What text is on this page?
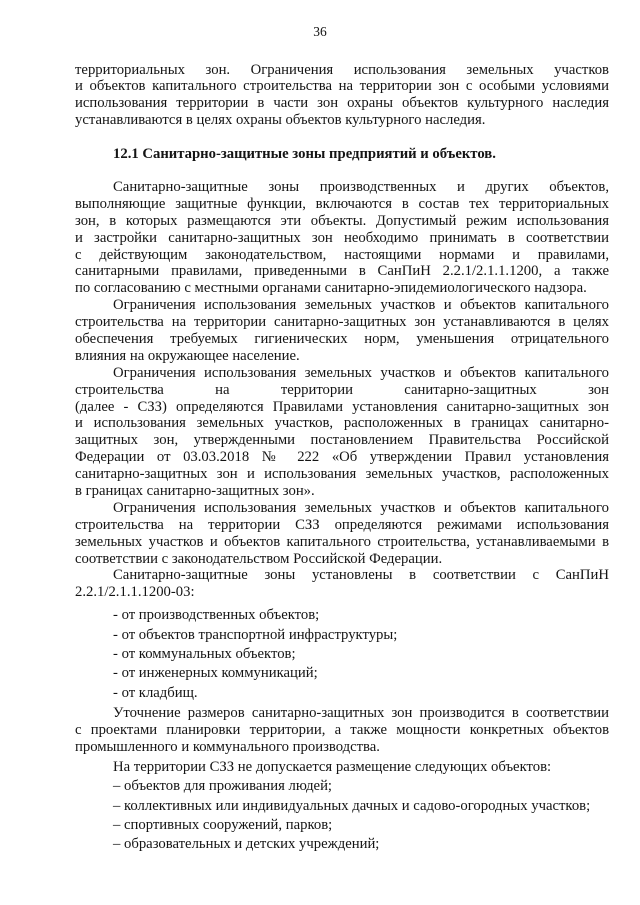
36
территориальных зон. Ограничения использования земельных участков
и объектов капитального строительства на территории зон с особыми условиями
использования территории в части зон охраны объектов культурного наследия
устанавливаются в целях охраны объектов культурного наследия.
12.1 Санитарно-защитные зоны предприятий и объектов.
Санитарно-защитные зоны производственных и других объектов,
выполняющие защитные функции, включаются в состав тех территориальных
зон, в которых размещаются эти объекты. Допустимый режим использования
и застройки санитарно-защитных зон необходимо принимать в соответствии
с действующим законодательством, настоящими нормами и правилами,
санитарными правилами, приведенными в СанПиН 2.2.1/2.1.1.1200, а также
по согласованию с местными органами санитарно-эпидемиологического надзора.
Ограничения использования земельных участков и объектов капитального
строительства на территории санитарно-защитных зон устанавливаются в целях
обеспечения требуемых гигиенических норм, уменьшения отрицательного
влияния на окружающее население.
Ограничения использования земельных участков и объектов капитального
строительства на территории санитарно-защитных зон
(далее - СЗЗ) определяются Правилами установления санитарно-защитных зон
и использования земельных участков, расположенных в границах санитарно-
защитных зон, утвержденными постановлением Правительства Российской
Федерации от 03.03.2018 № 222 «Об утверждении Правил установления
санитарно-защитных зон и использования земельных участков, расположенных
в границах санитарно-защитных зон».
Ограничения использования земельных участков и объектов капитального
строительства на территории СЗЗ определяются режимами использования
земельных участков и объектов капитального строительства, устанавливаемыми в
соответствии с законодательством Российской Федерации.
Санитарно-защитные зоны установлены в соответствии с СанПиН
2.2.1/2.1.1.1200-03:
- от производственных объектов;
- от объектов транспортной инфраструктуры;
- от коммунальных объектов;
- от инженерных коммуникаций;
- от кладбищ.
Уточнение размеров санитарно-защитных зон производится в соответствии
с проектами планировки территории, а также мощности конкретных объектов
промышленного и коммунального производства.
На территории СЗЗ не допускается размещение следующих объектов:
– объектов для проживания людей;
– коллективных или индивидуальных дачных и садово-огородных участков;
– спортивных сооружений, парков;
– образовательных и детских учреждений;
